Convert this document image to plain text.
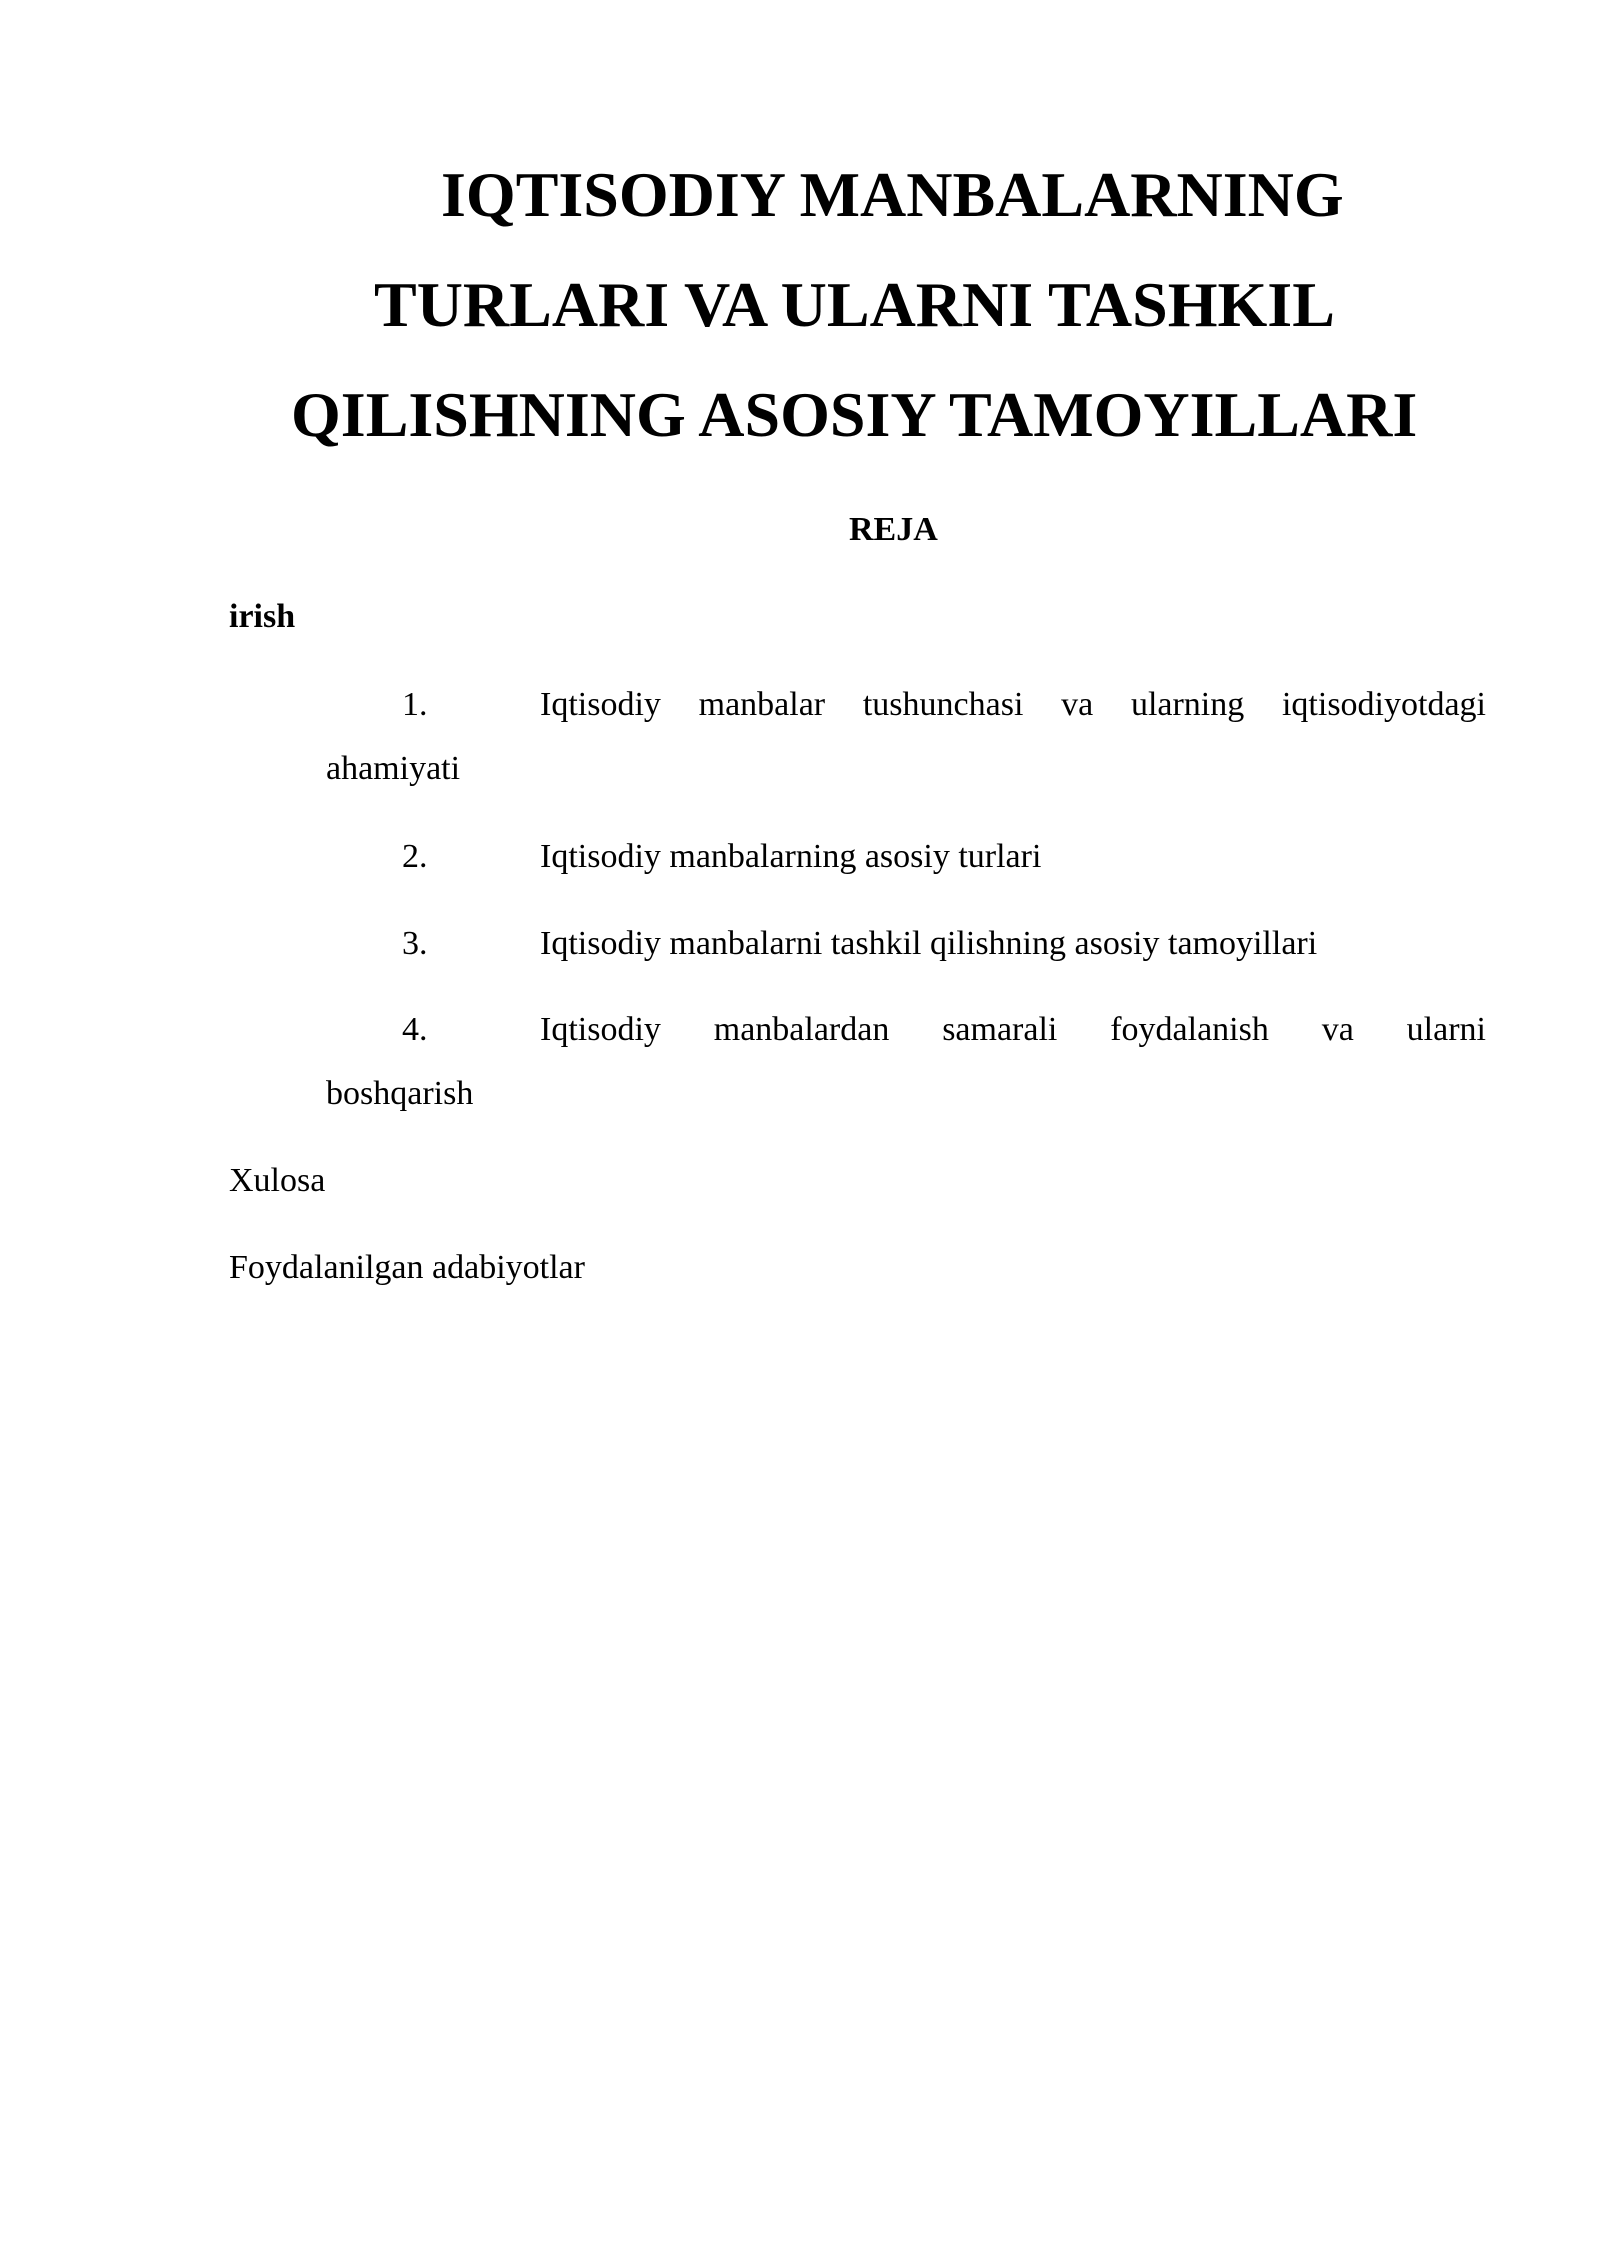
IQTISODIY MANBALARNING
TURLARI VA ULARNI TASHKIL
QILISHNING ASOSIY TAMOYILLARI
REJA
irish
1.	Iqtisodiy manbalar tushunchasi va ularning iqtisodiyotdagi
ahamiyati
2.	Iqtisodiy manbalarning asosiy turlari
3.	Iqtisodiy manbalarni tashkil qilishning asosiy tamoyillari
4.	Iqtisodiy manbalardan samarali foydalanish va ularni
boshqarish
Xulosa
Foydalanilgan adabiyotlar
